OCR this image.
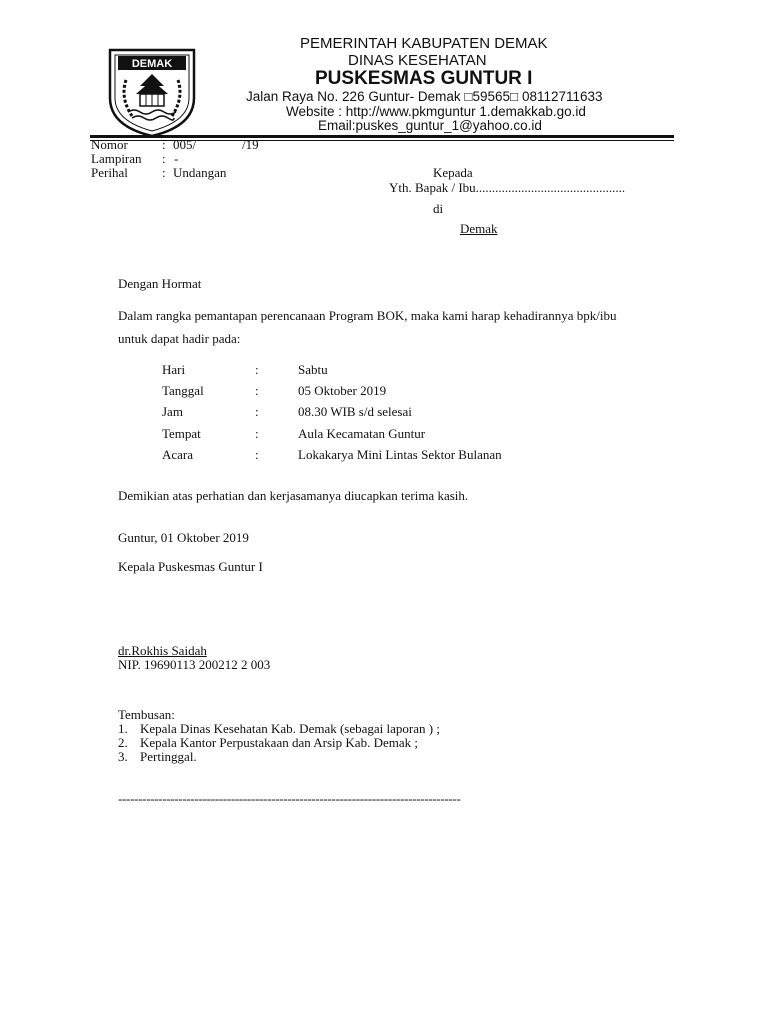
DEMAK
PEMERINTAH KABUPATEN DEMAK
DINAS KESEHATAN
PUSKESMAS GUNTUR I
Jalan Raya No. 226 Guntur- Demak □59565□ 08112711633
Website : http://www.pkmguntur 1.demakkab.go.id
Email:puskes_guntur_1@yahoo.co.id
Nomor	: 005/	/19
Lampiran : -
Perihal	: Undangan	Kepada
Yth. Bapak / Ibu..............................................
di
Demak
Dengan Hormat
Dalam rangka pemantapan perencanaan Program BOK, maka kami harap kehadirannya bpk/ibu
untuk dapat hadir pada:
Hari	:	Sabtu
Tanggal	:	05 Oktober 2019
Jam	:	08.30 WIB s/d selesai
Tempat	:	Aula Kecamatan Guntur
Acara	:	Lokakarya Mini Lintas Sektor Bulanan
Demikian atas perhatian dan kerjasamanya diucapkan terima kasih.
Guntur, 01 Oktober 2019
Kepala Puskesmas Guntur I
dr.Rokhis Saidah
NIP. 19690113 200212 2 003
Tembusan:
1. Kepala Dinas Kesehatan Kab. Demak (sebagai laporan ) ;
2. Kepala Kantor Perpustakaan dan Arsip Kab. Demak ;
3. Pertinggal.
-------------------------------------------------------------------------------------
